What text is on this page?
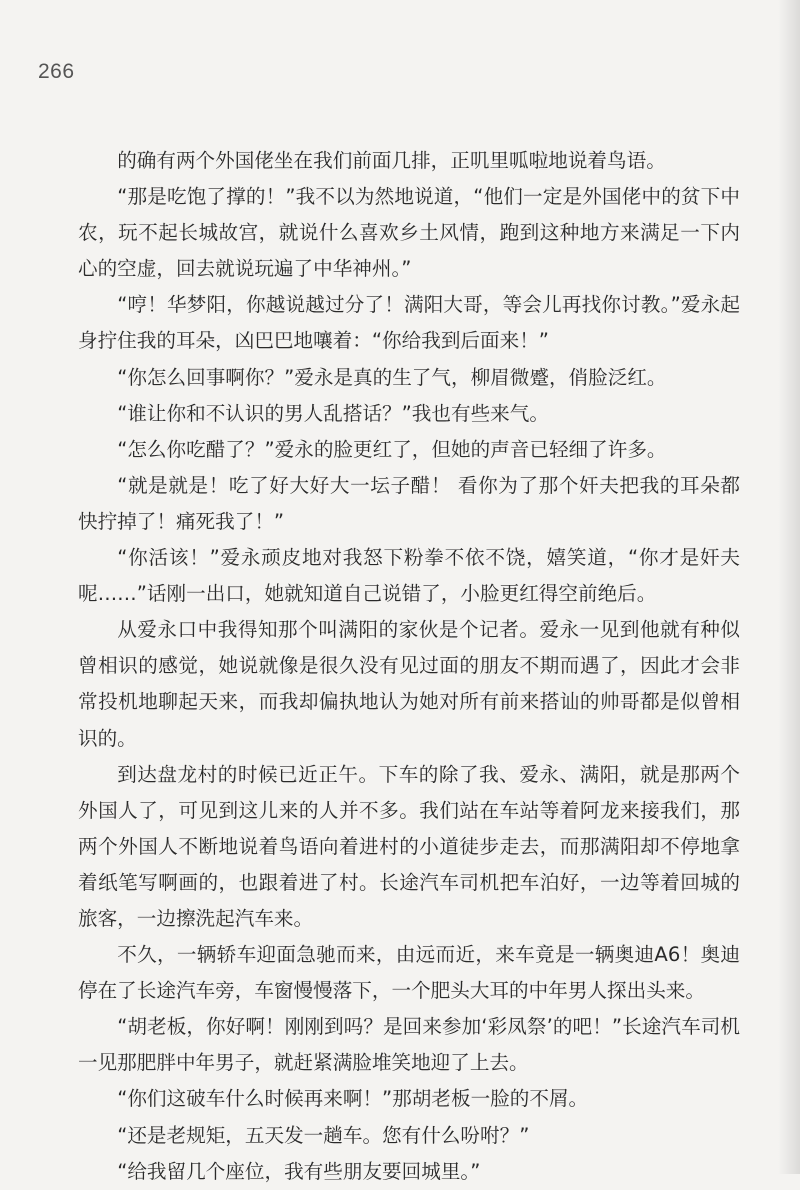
266

的确有两个外国佬坐在我们前面几排，正叽里呱啦地说着鸟语。

“那是吃饱了撑的！”我不以为然地说道，“他们一定是外国佬中的贫下中农，玩不起长城故宫，就说什么喜欢乡土风情，跑到这种地方来满足一下内心的空虚，回去就说玩遍了中华神州。”

“哼！华梦阳，你越说越过分了！满阳大哥，等会儿再找你讨教。”爱永起身拧住我的耳朵，凶巴巴地嚷着：“你给我到后面来！”

“你怎么回事啊你？”爱永是真的生了气，柳眉微蹙，俏脸泛红。

“谁让你和不认识的男人乱搭话？”我也有些来气。

“怎么你吃醋了？”爱永的脸更红了，但她的声音已轻细了许多。

“就是就是！吃了好大好大一坛子醋！ 看你为了那个奸夫把我的耳朵都快拧掉了！痛死我了！”

“你活该！”爱永顽皮地对我怒下粉拳不依不饶，嬉笑道，“你才是奸夫呢……”话刚一出口，她就知道自己说错了，小脸更红得空前绝后。

从爱永口中我得知那个叫满阳的家伙是个记者。爱永一见到他就有种似曾相识的感觉，她说就像是很久没有见过面的朋友不期而遇了，因此才会非常投机地聊起天来，而我却偏执地认为她对所有前来搭讪的帅哥都是似曾相识的。

到达盘龙村的时候已近正午。下车的除了我、爱永、满阳，就是那两个外国人了，可见到这儿来的人并不多。我们站在车站等着阿龙来接我们，那两个外国人不断地说着鸟语向着进村的小道徒步走去，而那满阳却不停地拿着纸笔写啊画的，也跟着进了村。长途汽车司机把车泊好，一边等着回城的旅客，一边擦洗起汽车来。

不久，一辆轿车迎面急驰而来，由远而近，来车竟是一辆奥迪A6！奥迪停在了长途汽车旁，车窗慢慢落下，一个肥头大耳的中年男人探出头来。

“胡老板，你好啊！刚刚到吗？是回来参加‘彩凤祭’的吧！”长途汽车司机一见那肥胖中年男子，就赶紧满脸堆笑地迎了上去。

“你们这破车什么时候再来啊！”那胡老板一脸的不屑。

“还是老规矩，五天发一趟车。您有什么吩咐？”

“给我留几个座位，我有些朋友要回城里。”
